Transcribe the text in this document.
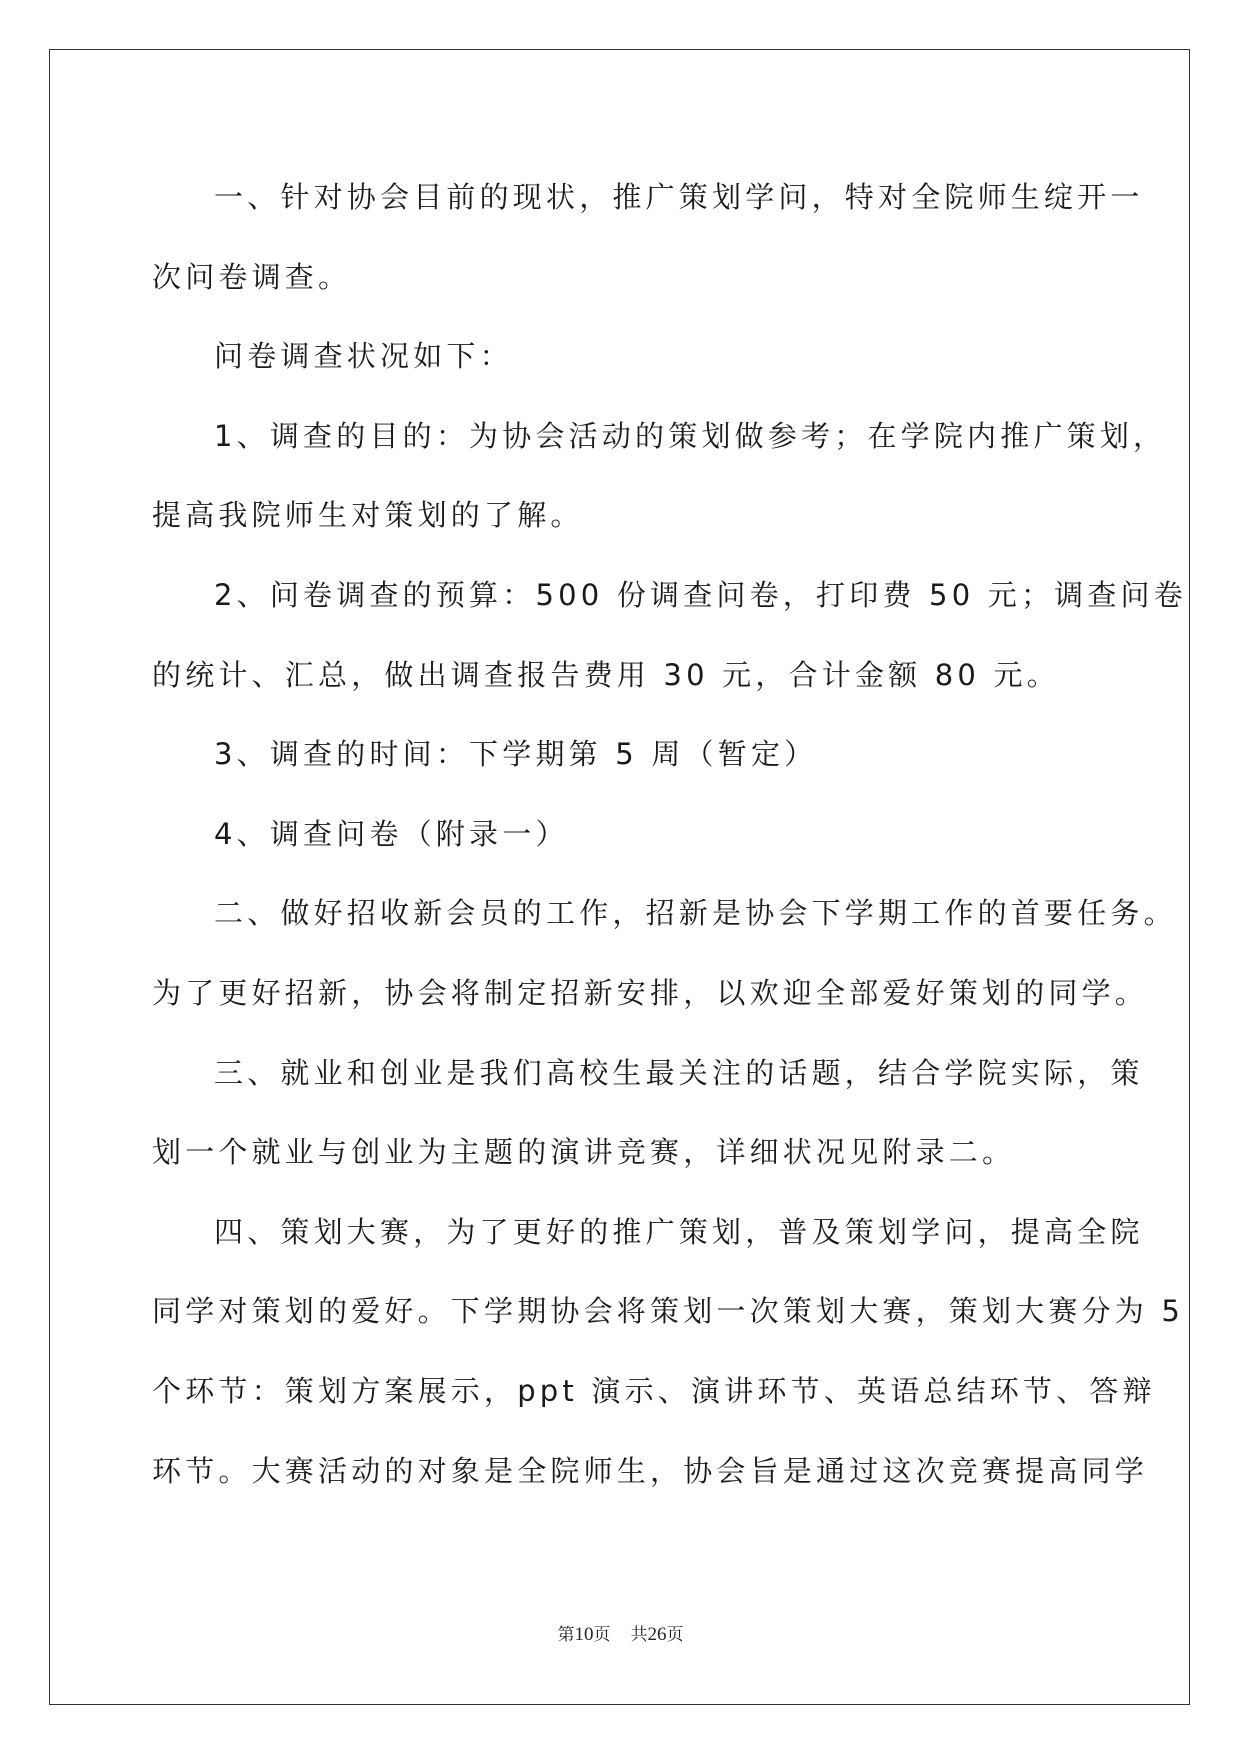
一、针对协会目前的现状，推广策划学问，特对全院师生绽开一
次问卷调查。

问卷调查状况如下：

1、调查的目的：为协会活动的策划做参考；在学院内推广策划，
提高我院师生对策划的了解。

2、问卷调查的预算：500 份调查问卷，打印费 50 元；调查问卷
的统计、汇总，做出调查报告费用 30 元，合计金额 80 元。

3、调查的时间：下学期第 5 周（暂定）

4、调查问卷（附录一）

二、做好招收新会员的工作，招新是协会下学期工作的首要任务。
为了更好招新，协会将制定招新安排，以欢迎全部爱好策划的同学。

三、就业和创业是我们高校生最关注的话题，结合学院实际，策
划一个就业与创业为主题的演讲竞赛，详细状况见附录二。

四、策划大赛，为了更好的推广策划，普及策划学问，提高全院
同学对策划的爱好。下学期协会将策划一次策划大赛，策划大赛分为 5
个环节：策划方案展示，ppt 演示、演讲环节、英语总结环节、答辩
环节。大赛活动的对象是全院师生，协会旨是通过这次竞赛提高同学

第10页 共26页
